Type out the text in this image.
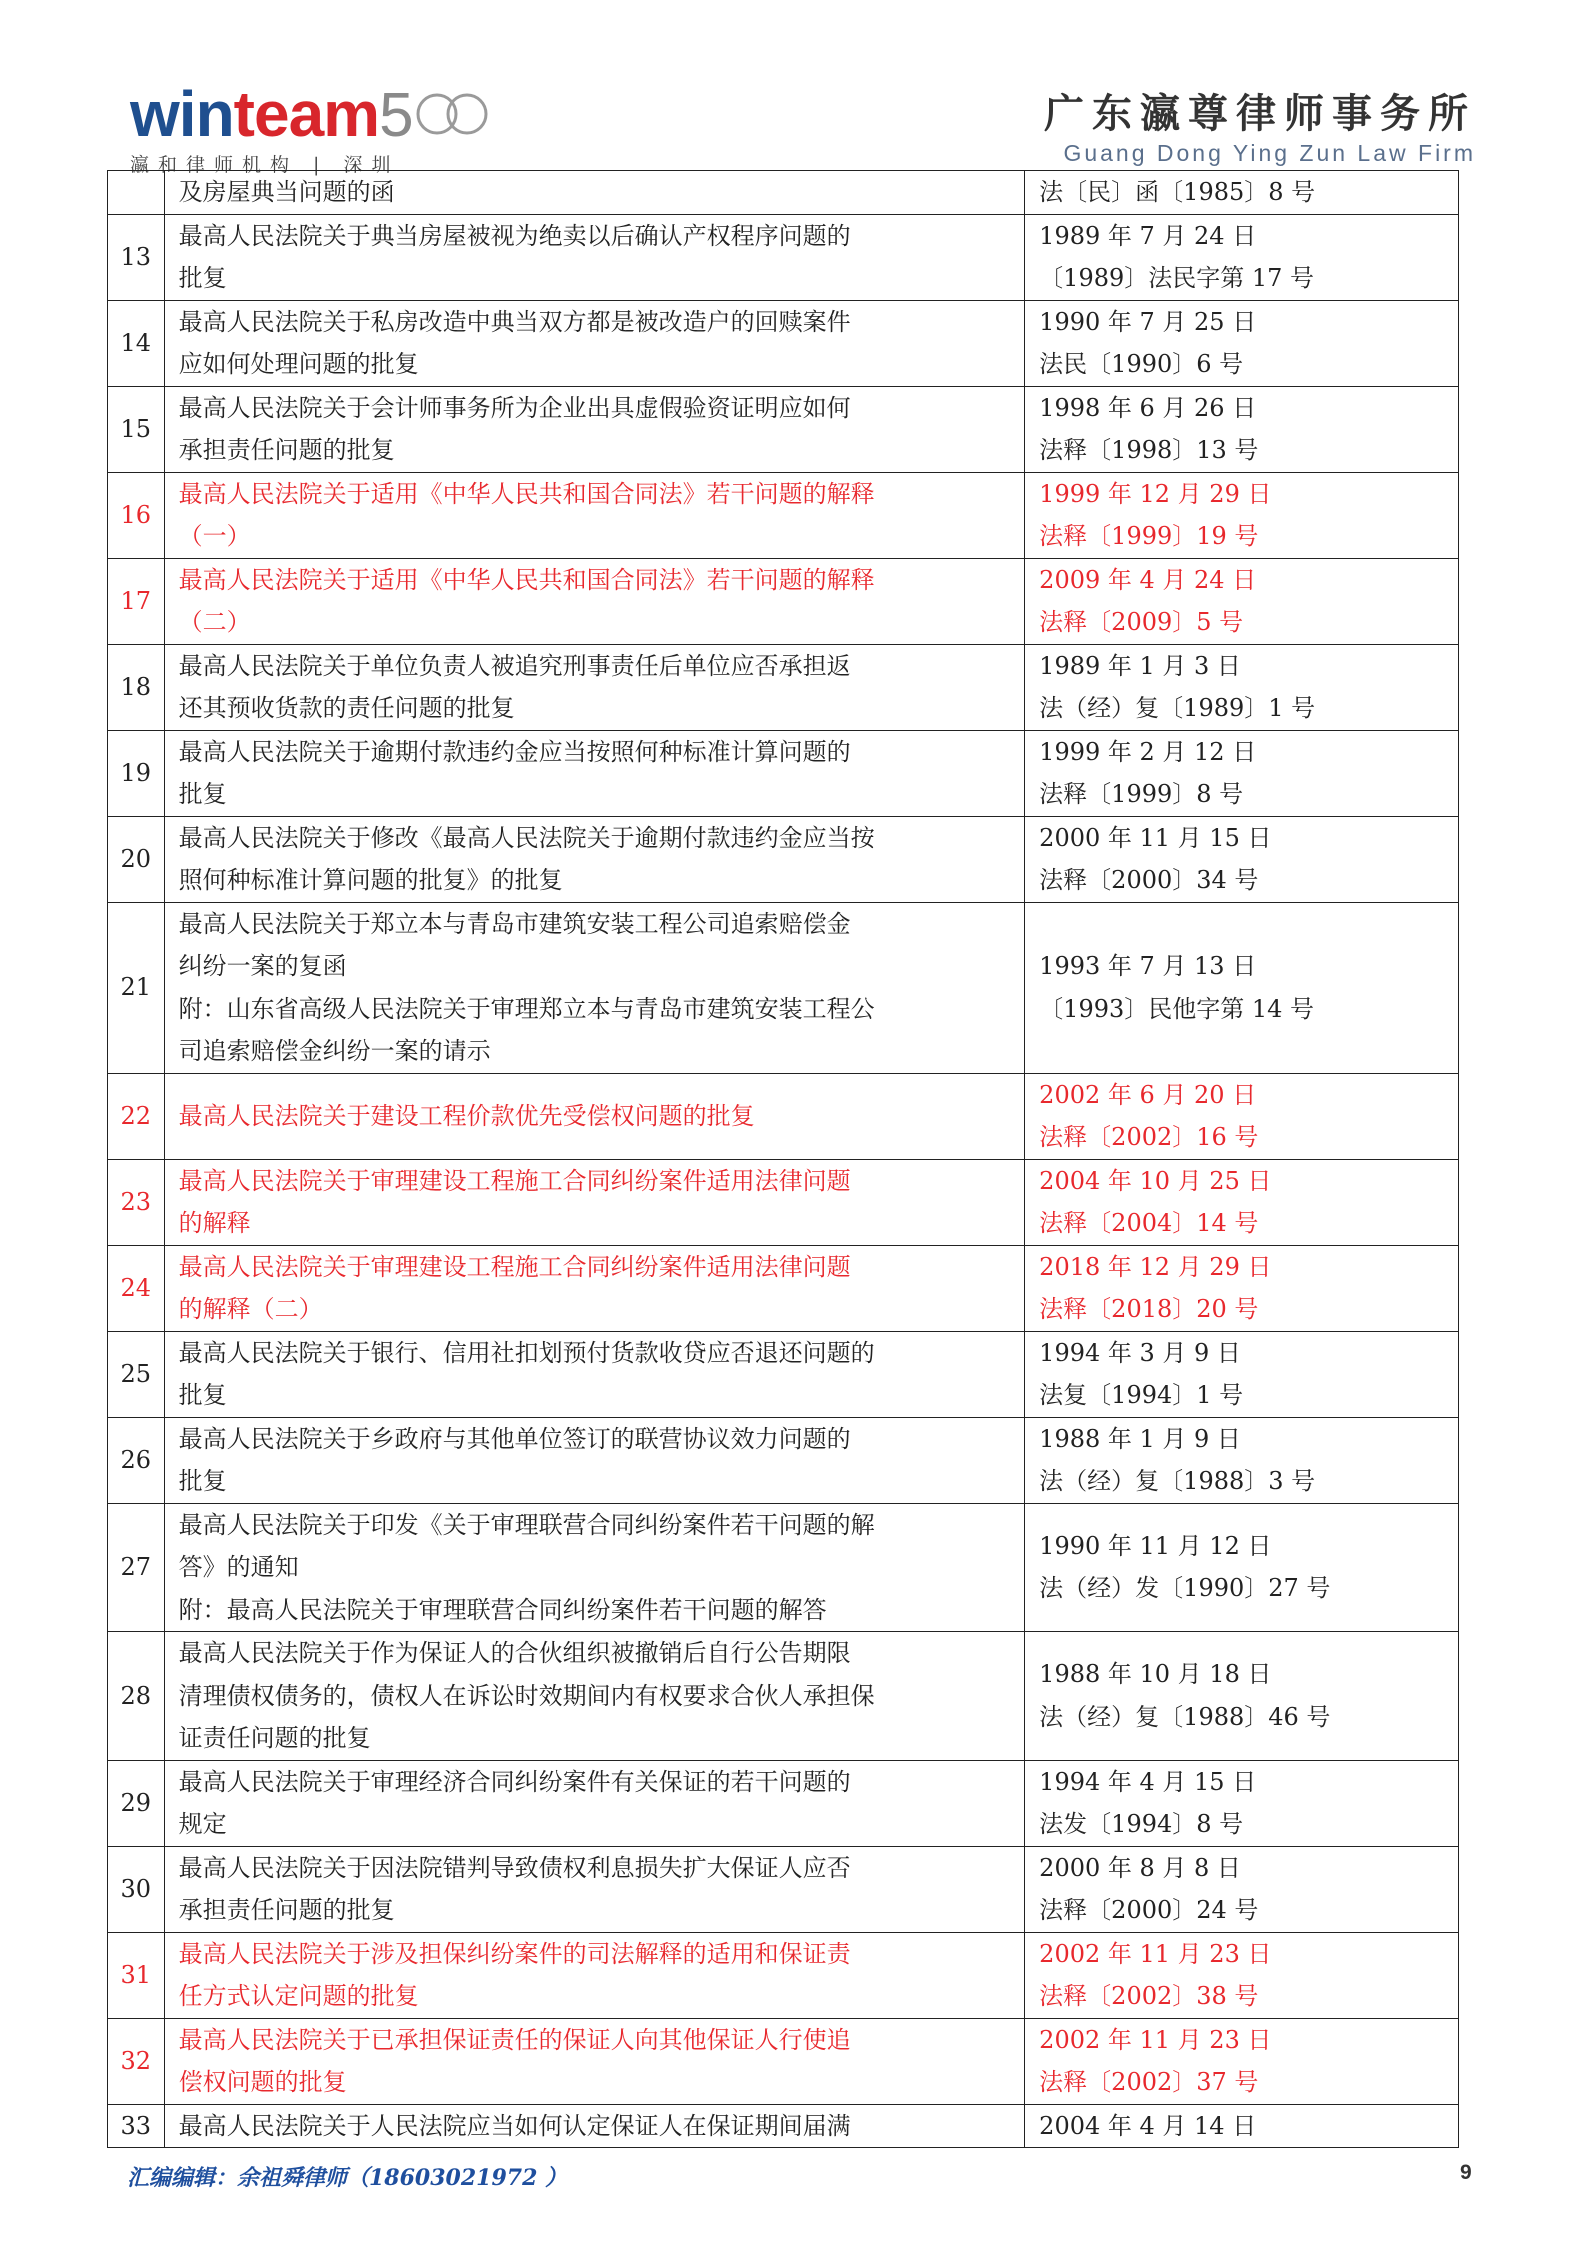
winteam5
瀛和律师机构 | 深圳
广东瀛尊律师事务所
Guang Dong Ying Zun Law Firm

	及房屋典当问题的函	法〔民〕函〔1985〕8 号

13	最高人民法院关于典当房屋被视为绝卖以后确认产权程序问题的
批复	1989 年 7 月 24 日
〔1989〕法民字第 17 号

14	最高人民法院关于私房改造中典当双方都是被改造户的回赎案件
应如何处理问题的批复	1990 年 7 月 25 日
法民〔1990〕6 号

15	最高人民法院关于会计师事务所为企业出具虚假验资证明应如何
承担责任问题的批复	1998 年 6 月 26 日
法释〔1998〕13 号

16	最高人民法院关于适用《中华人民共和国合同法》若干问题的解释
（一）	1999 年 12 月 29 日
法释〔1999〕19 号

17	最高人民法院关于适用《中华人民共和国合同法》若干问题的解释
（二）	2009 年 4 月 24 日
法释〔2009〕5 号

18	最高人民法院关于单位负责人被追究刑事责任后单位应否承担返
还其预收货款的责任问题的批复	1989 年 1 月 3 日
法（经）复〔1989〕1 号

19	最高人民法院关于逾期付款违约金应当按照何种标准计算问题的
批复	1999 年 2 月 12 日
法释〔1999〕8 号

20	最高人民法院关于修改《最高人民法院关于逾期付款违约金应当按
照何种标准计算问题的批复》的批复	2000 年 11 月 15 日
法释〔2000〕34 号

21	最高人民法院关于郑立本与青岛市建筑安装工程公司追索赔偿金
纠纷一案的复函
附：山东省高级人民法院关于审理郑立本与青岛市建筑安装工程公
司追索赔偿金纠纷一案的请示	1993 年 7 月 13 日
〔1993〕民他字第 14 号

22	最高人民法院关于建设工程价款优先受偿权问题的批复	2002 年 6 月 20 日
法释〔2002〕16 号

23	最高人民法院关于审理建设工程施工合同纠纷案件适用法律问题
的解释	2004 年 10 月 25 日
法释〔2004〕14 号

24	最高人民法院关于审理建设工程施工合同纠纷案件适用法律问题
的解释（二）	2018 年 12 月 29 日
法释〔2018〕20 号

25	最高人民法院关于银行、信用社扣划预付货款收贷应否退还问题的
批复	1994 年 3 月 9 日
法复〔1994〕1 号

26	最高人民法院关于乡政府与其他单位签订的联营协议效力问题的
批复	1988 年 1 月 9 日
法（经）复〔1988〕3 号

27	最高人民法院关于印发《关于审理联营合同纠纷案件若干问题的解
答》的通知
附：最高人民法院关于审理联营合同纠纷案件若干问题的解答	1990 年 11 月 12 日
法（经）发〔1990〕27 号

28	最高人民法院关于作为保证人的合伙组织被撤销后自行公告期限
清理债权债务的，债权人在诉讼时效期间内有权要求合伙人承担保
证责任问题的批复	1988 年 10 月 18 日
法（经）复〔1988〕46 号

29	最高人民法院关于审理经济合同纠纷案件有关保证的若干问题的
规定	1994 年 4 月 15 日
法发〔1994〕8 号

30	最高人民法院关于因法院错判导致债权利息损失扩大保证人应否
承担责任问题的批复	2000 年 8 月 8 日
法释〔2000〕24 号

31	最高人民法院关于涉及担保纠纷案件的司法解释的适用和保证责
任方式认定问题的批复	2002 年 11 月 23 日
法释〔2002〕38 号

32	最高人民法院关于已承担保证责任的保证人向其他保证人行使追
偿权问题的批复	2002 年 11 月 23 日
法释〔2002〕37 号

33	最高人民法院关于人民法院应当如何认定保证人在保证期间届满	2004 年 4 月 14 日
汇编编辑：余祖舜律师（18603021972 ）	9
